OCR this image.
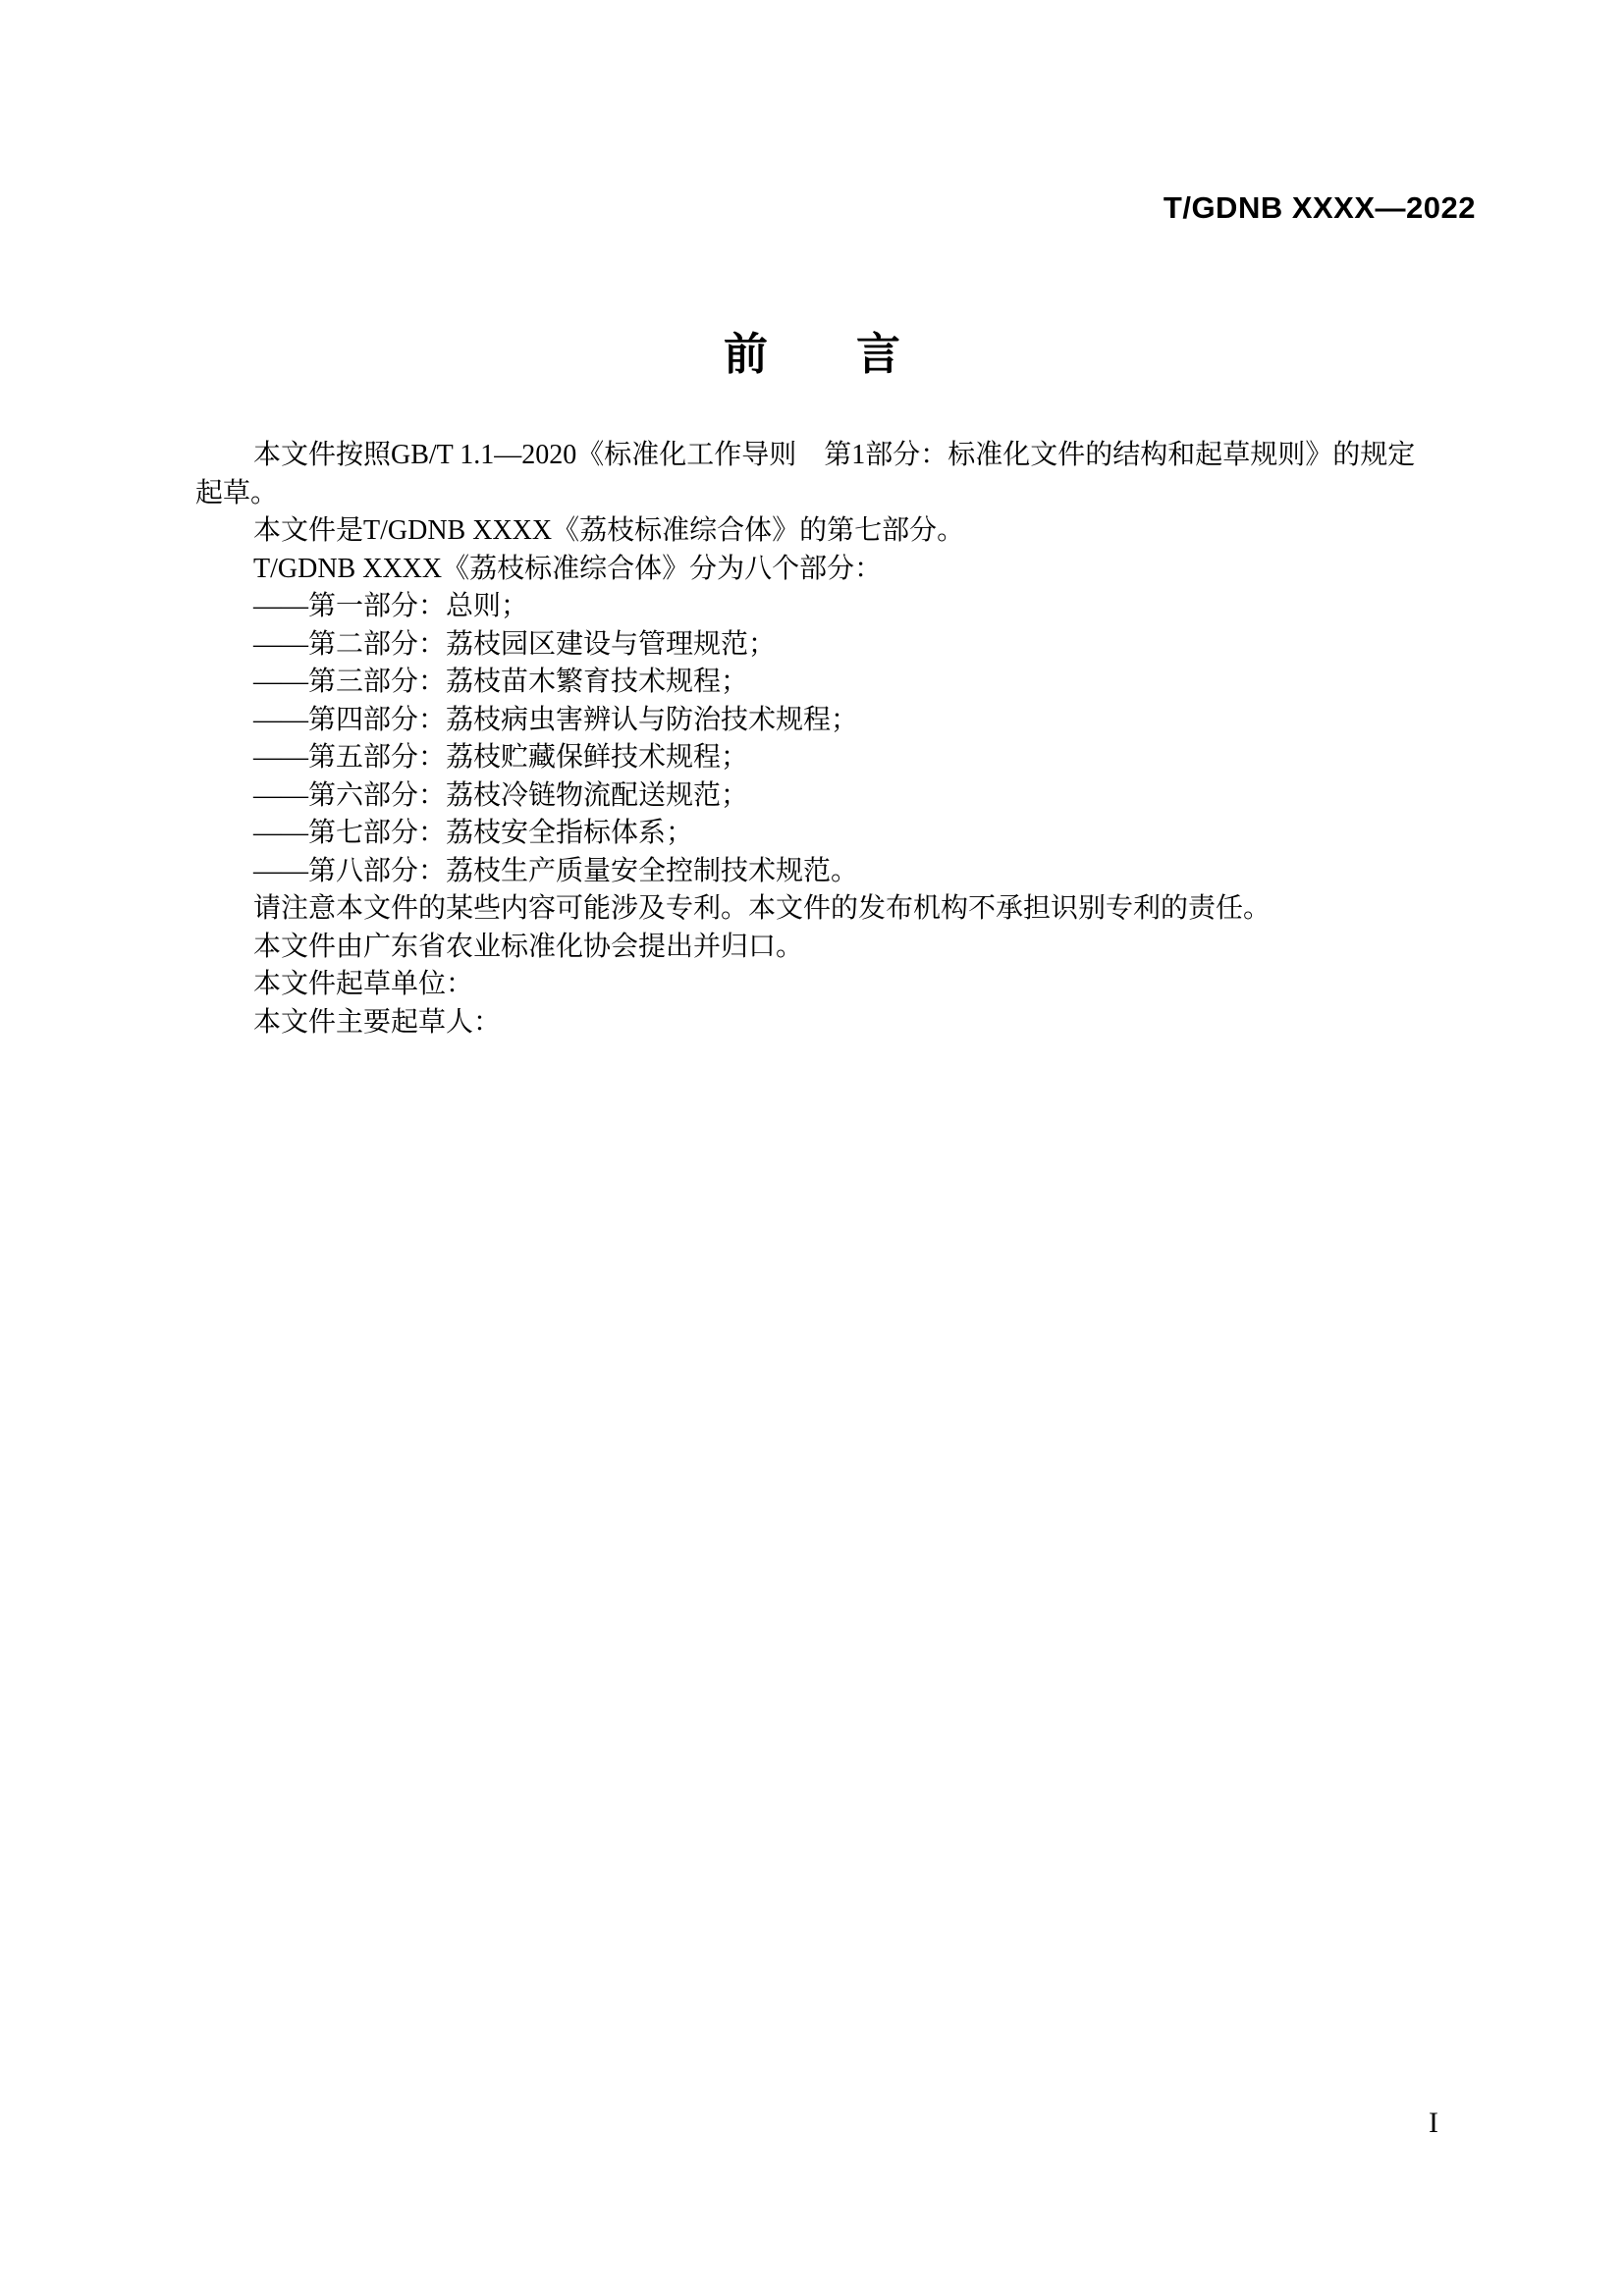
T/GDNB XXXX—2022
前言
本文件按照GB/T 1.1—2020《标准化工作导则　第1部分：标准化文件的结构和起草规则》的规定
起草。
本文件是T/GDNB XXXX《荔枝标准综合体》的第七部分。
T/GDNB XXXX《荔枝标准综合体》分为八个部分：
——第一部分：总则；
——第二部分：荔枝园区建设与管理规范；
——第三部分：荔枝苗木繁育技术规程；
——第四部分：荔枝病虫害辨认与防治技术规程；
——第五部分：荔枝贮藏保鲜技术规程；
——第六部分：荔枝冷链物流配送规范；
——第七部分：荔枝安全指标体系；
——第八部分：荔枝生产质量安全控制技术规范。
请注意本文件的某些内容可能涉及专利。本文件的发布机构不承担识别专利的责任。
本文件由广东省农业标准化协会提出并归口。
本文件起草单位：
本文件主要起草人：
I
